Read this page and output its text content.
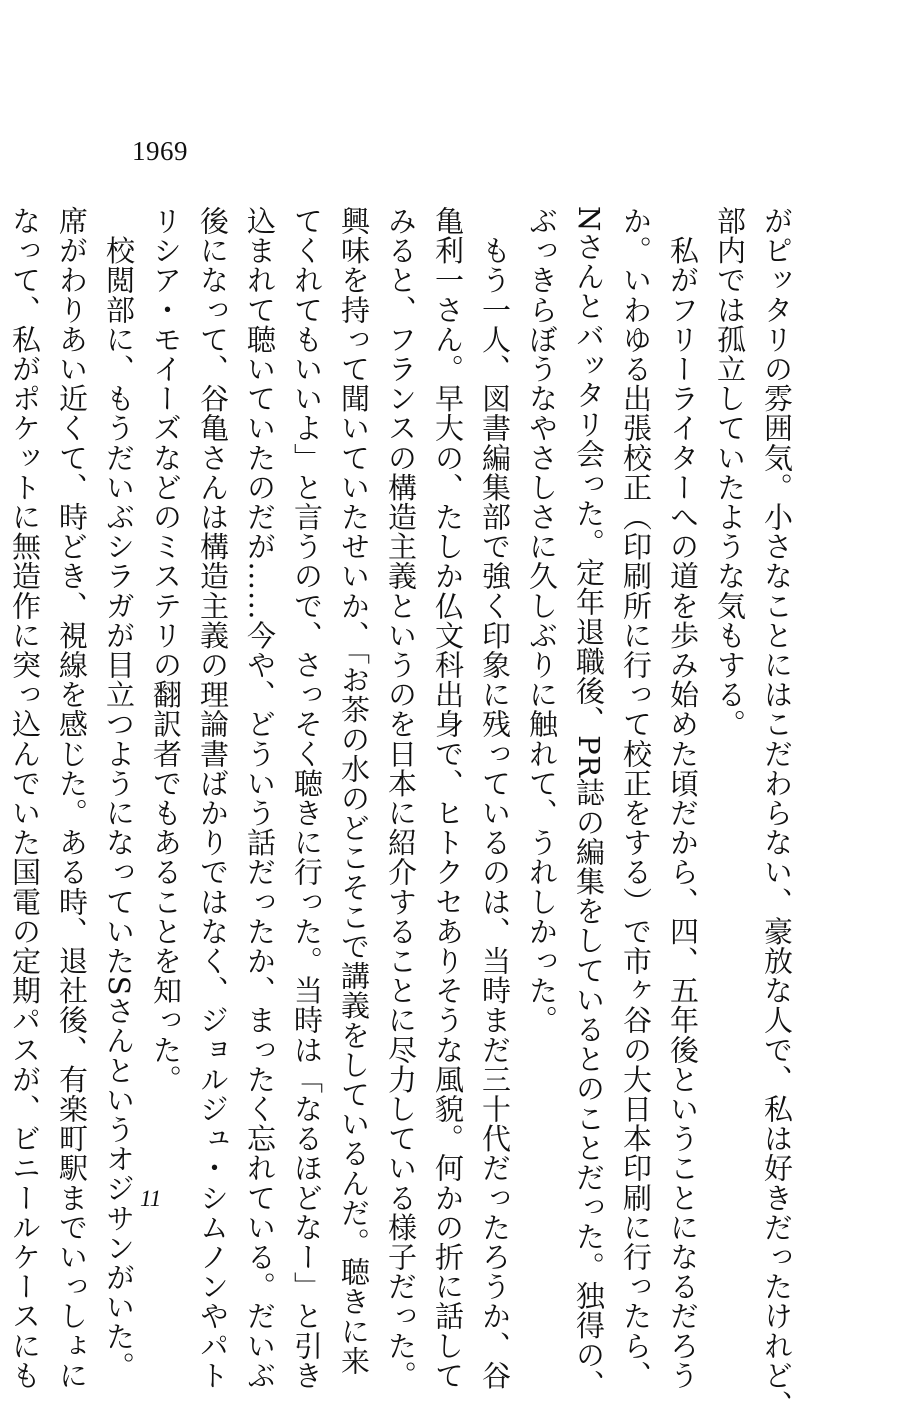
1969
がピッタリの雰囲気。小さなことにはこだわらない、豪放な人で、私は好きだったけれど、
部内では孤立していたような気もする。
　私がフリーライターへの道を歩み始めた頃だから、四、五年後ということになるだろう
か。いわゆる出張校正（印刷所に行って校正をする）で市ヶ谷の大日本印刷に行ったら、
Nさんとバッタリ会った。定年退職後、PR誌の編集をしているとのことだった。独得の、
ぶっきらぼうなやさしさに久しぶりに触れて、うれしかった。
　もう一人、図書編集部で強く印象に残っているのは、当時まだ三十代だったろうか、谷
亀利一さん。早大の、たしか仏文科出身で、ヒトクセありそうな風貌。何かの折に話して
みると、フランスの構造主義というのを日本に紹介することに尽力している様子だった。
興味を持って聞いていたせいか、「お茶の水のどこそこで講義をしているんだ。聴きに来
てくれてもいいよ」と言うので、さっそく聴きに行った。当時は「なるほどなー」と引き
込まれて聴いていたのだが……今や、どういう話だったか、まったく忘れている。だいぶ
後になって、谷亀さんは構造主義の理論書ばかりではなく、ジョルジュ・シムノンやパト
リシア・モイーズなどのミステリの翻訳者でもあることを知った。
　校閲部に、もうだいぶシラガが目立つようになっていたSさんというオジサンがいた。
席がわりあい近くて、時どき、視線を感じた。ある時、退社後、有楽町駅までいっしょに
なって、私がポケットに無造作に突っ込んでいた国電の定期パスが、ビニールケースにも	11
